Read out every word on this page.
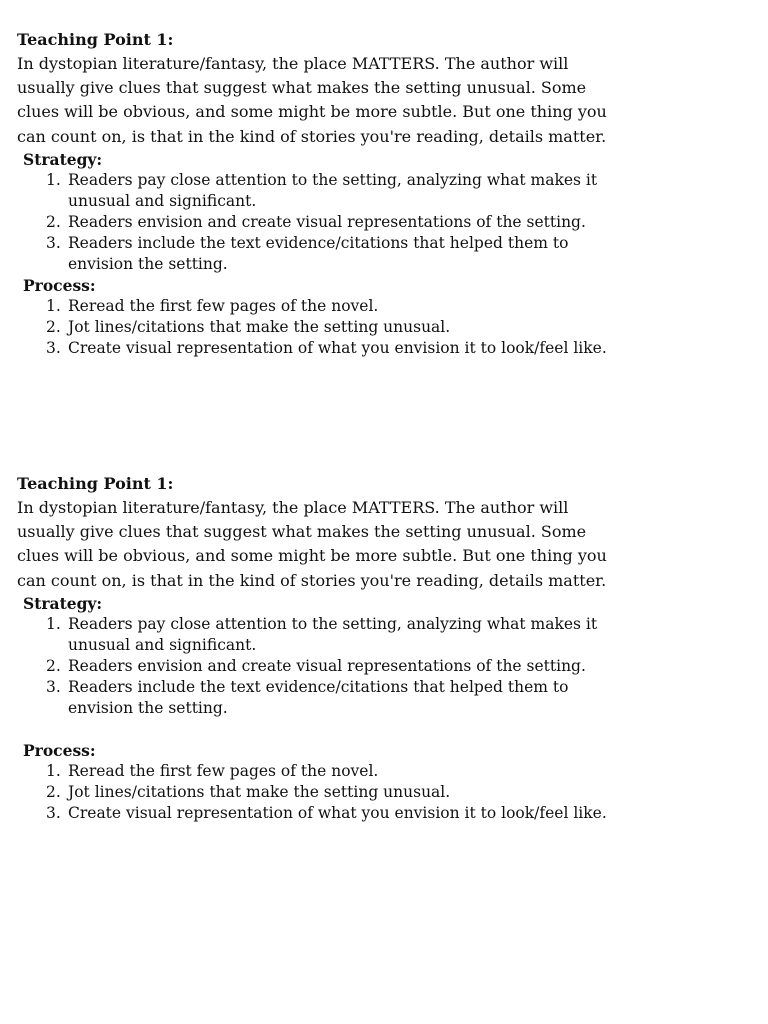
Teaching Point 1:

In dystopian literature/fantasy, the place MATTERS. The author will usually give clues that suggest what makes the setting unusual. Some clues will be obvious, and some might be more subtle. But one thing you can count on, is that in the kind of stories you're reading, details matter.

Strategy:

1. Readers pay close attention to the setting, analyzing what makes it unusual and significant.
2. Readers envision and create visual representations of the setting.
3. Readers include the text evidence/citations that helped them to envision the setting.

Process:

1. Reread the first few pages of the novel.
2. Jot lines/citations that make the setting unusual.
3. Create visual representation of what you envision it to look/feel like.

Teaching Point 1:

In dystopian literature/fantasy, the place MATTERS. The author will usually give clues that suggest what makes the setting unusual. Some clues will be obvious, and some might be more subtle. But one thing you can count on, is that in the kind of stories you're reading, details matter.

Strategy:

1. Readers pay close attention to the setting, analyzing what makes it unusual and significant.
2. Readers envision and create visual representations of the setting.
3. Readers include the text evidence/citations that helped them to envision the setting.

Process:

1. Reread the first few pages of the novel.
2. Jot lines/citations that make the setting unusual.
3. Create visual representation of what you envision it to look/feel like.
